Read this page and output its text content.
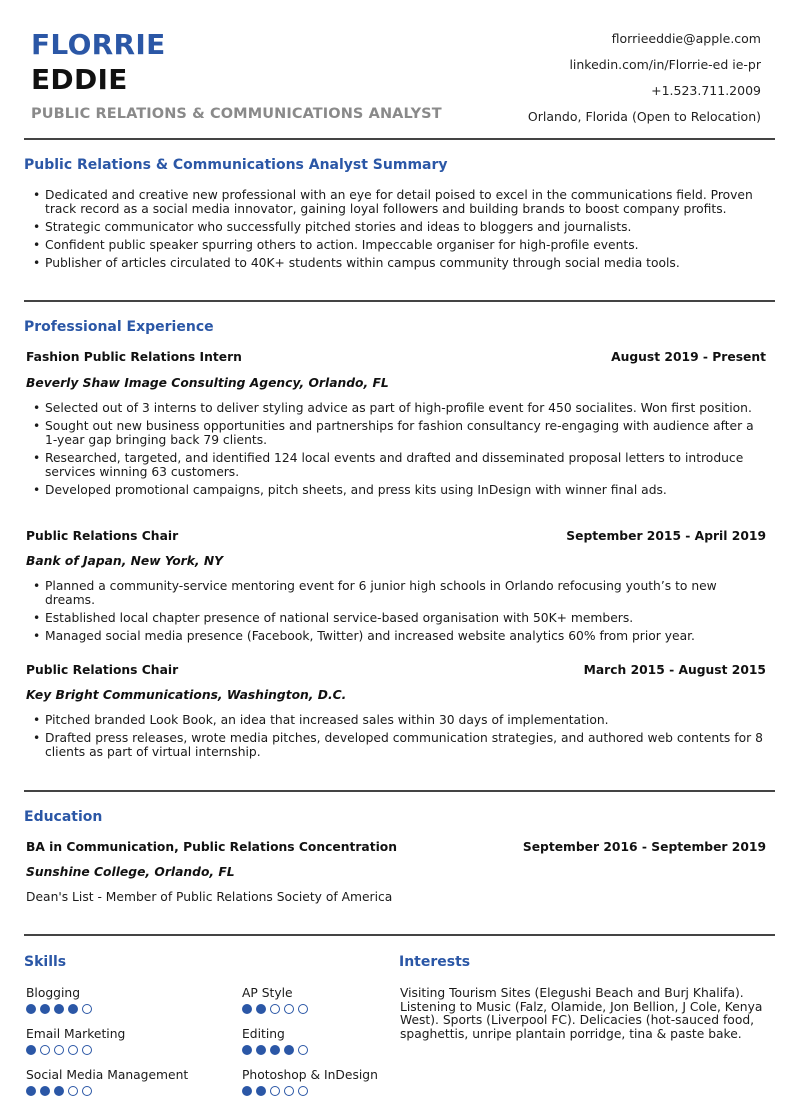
FLORRIE
EDDIE
PUBLIC RELATIONS & COMMUNICATIONS ANALYST
florrieeddie@apple.com
linkedin.com/in/Florrie-ed ie-pr
+1.523.711.2009
Orlando, Florida (Open to Relocation)
Public Relations & Communications Analyst Summary
• Dedicated and creative new professional with an eye for detail poised to excel in the communications field. Proven track record as a social media innovator, gaining loyal followers and building brands to boost company profits.
• Strategic communicator who successfully pitched stories and ideas to bloggers and journalists.
• Confident public speaker spurring others to action. Impeccable organiser for high-profile events.
• Publisher of articles circulated to 40K+ students within campus community through social media tools.
Professional Experience
Fashion Public Relations Intern	August 2019 - Present
Beverly Shaw Image Consulting Agency, Orlando, FL
• Selected out of 3 interns to deliver styling advice as part of high-profile event for 450 socialites. Won first position.
• Sought out new business opportunities and partnerships for fashion consultancy re-engaging with audience after a 1-year gap bringing back 79 clients.
• Researched, targeted, and identified 124 local events and drafted and disseminated proposal letters to introduce services winning 63 customers.
• Developed promotional campaigns, pitch sheets, and press kits using InDesign with winner final ads.
Public Relations Chair	September 2015 - April 2019
Bank of Japan, New York, NY
• Planned a community-service mentoring event for 6 junior high schools in Orlando refocusing youth’s to new dreams.
• Established local chapter presence of national service-based organisation with 50K+ members.
• Managed social media presence (Facebook, Twitter) and increased website analytics 60% from prior year.
Public Relations Chair	March 2015 - August 2015
Key Bright Communications, Washington, D.C.
• Pitched branded Look Book, an idea that increased sales within 30 days of implementation.
• Drafted press releases, wrote media pitches, developed communication strategies, and authored web contents for 8 clients as part of virtual internship.
Education
BA in Communication, Public Relations Concentration	September 2016 - September 2019
Sunshine College, Orlando, FL
Dean's List - Member of Public Relations Society of America
Skills
Blogging	AP Style
Email Marketing	Editing
Social Media Management	Photoshop & InDesign
Interests
Visiting Tourism Sites (Elegushi Beach and Burj Khalifa). Listening to Music (Falz, Olamide, Jon Bellion, J Cole, Kenya West). Sports (Liverpool FC). Delicacies (hot-sauced food, spaghettis, unripe plantain porridge, tina & paste bake.
